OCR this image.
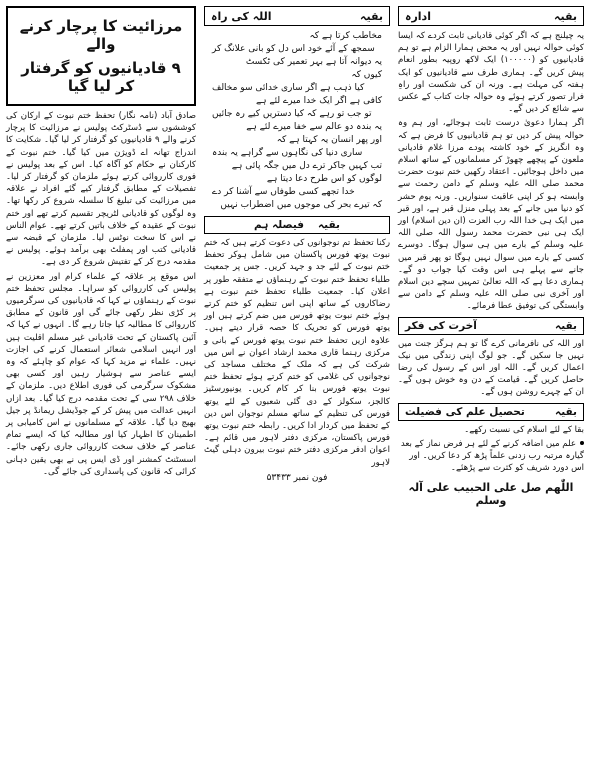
بقیہ
ادارہ

یہ چیلنج ہے کہ اگر کوئی قادیانی ثابت کردے کہ ایسا کوئی حوالہ نہیں اور یہ محض ہمارا الزام ہے تو ہم قادیانیوں کو (۱۰۰۰۰۰) ایک لاکھ روپیہ بطور انعام پیش کریں گے۔ ہماری طرف سے قادیانیوں کو ایک ہفتہ کی مہلت ہے۔ ورنہ ان کی شکست اور راہِ فرار تصور کرتے ہوئے وہ حوالہ جات کتاب کے عکس سے شائع کر دیں گے۔

اگر ہمارا دعویٰ درست ثابت ہوجائے، اور ہم وہ حوالہ پیش کر دیں تو ہم قادیانیوں کا فرض ہے کہ وہ انگریز کے خود کاشتہ پودے مرزا غلام قادیانی ملعون کے پیچھے چھوڑ کر مسلمانوں کے ساتھ اسلام میں داخل ہوجائیں۔ اعتقاد رکھیں ختم نبوت حضرت محمد صلی اللہ علیہ وسلم کے دامن رحمت سے وابستہ ہو کر اپنی عاقبت سنواریں۔ ورنہ یوم حشر کو دنیا میں جانے کے بعد پہلی منزل قبر ہے، اور قبر میں ایک ہی خدا اللہ رب العزت (ان دین اسلام) اور ایک ہی نبی حضرت محمد رسول اللہ صلی اللہ علیہ وسلم کے بارے میں ہی سوال ہوگا۔ دوسرے کسی کے بارے میں سوال نہیں ہوگا تو پھر قبر میں جانے سے پہلے ہی اس وقت کیا جواب دو گے۔ ہماری دعا ہے کہ اللہ تعالیٰ تمہیں سچے دین اسلام اور آخری نبی صلی اللہ علیہ وسلم کے دامن سے وابستگی کی توفیق عطا فرمائے۔

بقیہ
آخرت کی فکر

اور اللہ کی نافرمانی کرے گا تو ہم ہرگز جنت میں نہیں جا سکیں گے۔ جو لوگ اپنی زندگی میں نیک اعمال کریں گے۔ اللہ اور اس کے رسول کی رضا حاصل کریں گے۔ قیامت کے دن وہ خوش ہوں گے۔ ان کے چہرے روشن ہوں گے۔

بقیہ
تحصیل علم کی فضیلت

بقا کے لئے اسلام کی نسبت رکھے۔

علم میں اضافہ کرنے کے لئے ہر فرض نماز کے بعد گیارہ مرتبہ رب زدنی علماً پڑھ کر دعا کریں۔ اور اس دورد شریف کو کثرت سے پڑھئے۔

اللّٰھم صل علی الحبیب علی آلہ وسلم
بقیہ
اللہ کی راہ

مخاطب کرتا ہے کہ

سمجھ کے آئے خود اس دل کو بانی علانگ کر

یہ دیوانہ آتا ہے بہر تعمیر کی ٹکسٹ

کیوں کہ

کیا ذہب ہے اگر ساری خدائی سو مخالف

کافی ہے اگر ایک خدا میرے لئے ہے

تو جب تو رہے کہ کیا دستریں کیے رہ جائیں

یہ بندہ دو عالم سے خفا میرے لئے ہے

اور پھر انسان یہ کہتا ہے کہ

ساری دنیا کی نگاہوں سے گراہے یہ بندہ

تب کہیں جاکر ترے دل میں جگہ پائی ہے

لوگوں کو اس طرح دعا دیتا ہے

خدا تجھے کسی طوفاں سے آشنا کر دے

کہ تیرے بحر کی موجوں میں اضطراب نہیں

بقیہ
فیصلہ ہم

رکنا تحفظ تم نوجوانوں کی دعوت کرتے ہیں کہ ختم نبوت یوتھ فورس پاکستان میں شامل ہوکر تحفظ ختم نبوت کے لئے جد و جہد کریں۔ جس پر جمعیت طلباء تحفظ ختم نبوت کے رہنماؤں نے متفقہ طور پر اعلان کیا۔ جمعیت طلباء تحفظ ختم نبوت ہے رضاکاروں کے ساتھ اپنی اس تنظیم کو ختم کرتے ہوئے ختم نبوت یوتھ فورس میں ضم کرتے ہیں اور یوتھ فورس کو تحریک کا حصہ قرار دیتے ہیں۔ علاوہ ازیں تحفظ ختم نبوت یوتھ فورس کے بانی و مرکزی رہنما قاری محمد ارشاد اعوان نے اس میں شرکت کی ہے کہ ملک کے مختلف مساجد کی نوجوانوں کی غلامی کو ختم کرتے ہوئے تحفظ ختم نبوت یوتھ فورس بنا کر کام کریں۔ یونیورسٹیز کالجز، سکولز کے دی گئی شعبوں کے لئے یوتھ فورس کی تنظیم کے ساتھ مسلم نوجوان اس دین کے تحفظ میں کردار ادا کریں۔ رابطہ ختم نبوت یوتھ فورس پاکستان، مرکزی دفتر لاہور میں قائم ہے۔ اعوان ادفر مرکزی دفتر ختم نبوت بیرون دہلی گیٹ لاہور

فون نمبر ۵۳۴۳۳
مرزائیت کا پرچار کرنے والے
۹ قادیانیوں کو گرفتار کر لیا گیا

صادق آباد (نامہ نگار) تحفظ ختم نبوت کے ارکان کی کوششوں سے ڈسٹرکٹ پولیس نے مرزائیت کا پرچار کرنے والے ۹ قادیانیوں کو گرفتار کر لیا گیا۔ شکایت کا اندراج تھانہ اے ڈویژن میں کیا گیا۔ ختم نبوت کے کارکنان نے حکام کو آگاہ کیا۔ اس کے بعد پولیس نے فوری کارروائی کرتے ہوئے ملزمان کو گرفتار کر لیا۔ تفصیلات کے مطابق گرفتار کیے گئے افراد نے علاقہ میں مرزائیت کی تبلیغ کا سلسلہ شروع کر رکھا تھا۔ وہ لوگوں کو قادیانی لٹریچر تقسیم کرتے تھے اور ختم نبوت کے عقیدہ کے خلاف باتیں کرتے تھے۔ عوام الناس نے اس کا سخت نوٹس لیا۔ ملزمان کے قبضہ سے قادیانی کتب اور پمفلٹ بھی برآمد ہوئے۔ پولیس نے مقدمہ درج کر کے تفتیش شروع کر دی ہے۔

اس موقع پر علاقہ کے علماء کرام اور معززین نے پولیس کی کارروائی کو سراہا۔ مجلس تحفظ ختم نبوت کے رہنماؤں نے کہا کہ قادیانیوں کی سرگرمیوں پر کڑی نظر رکھی جائے گی اور قانون کے مطابق کارروائی کا مطالبہ کیا جاتا رہے گا۔ انہوں نے کہا کہ آئین پاکستان کے تحت قادیانی غیر مسلم اقلیت ہیں اور انہیں اسلامی شعائر استعمال کرنے کی اجازت نہیں۔ علماء نے مزید کہا کہ عوام کو چاہئے کہ وہ ایسے عناصر سے ہوشیار رہیں اور کسی بھی مشکوک سرگرمی کی فوری اطلاع دیں۔ ملزمان کے خلاف ۲۹۸ سی کے تحت مقدمہ درج کیا گیا۔ بعد ازاں انہیں عدالت میں پیش کر کے جوڈیشل ریمانڈ پر جیل بھیج دیا گیا۔ علاقہ کے مسلمانوں نے اس کامیابی پر اطمینان کا اظہار کیا اور مطالبہ کیا کہ ایسے تمام عناصر کے خلاف سخت کارروائی جاری رکھی جائے۔ اسسٹنٹ کمشنر اور ڈی ایس پی نے بھی یقین دہانی کرائی کہ قانون کی پاسداری کی جائے گی۔
